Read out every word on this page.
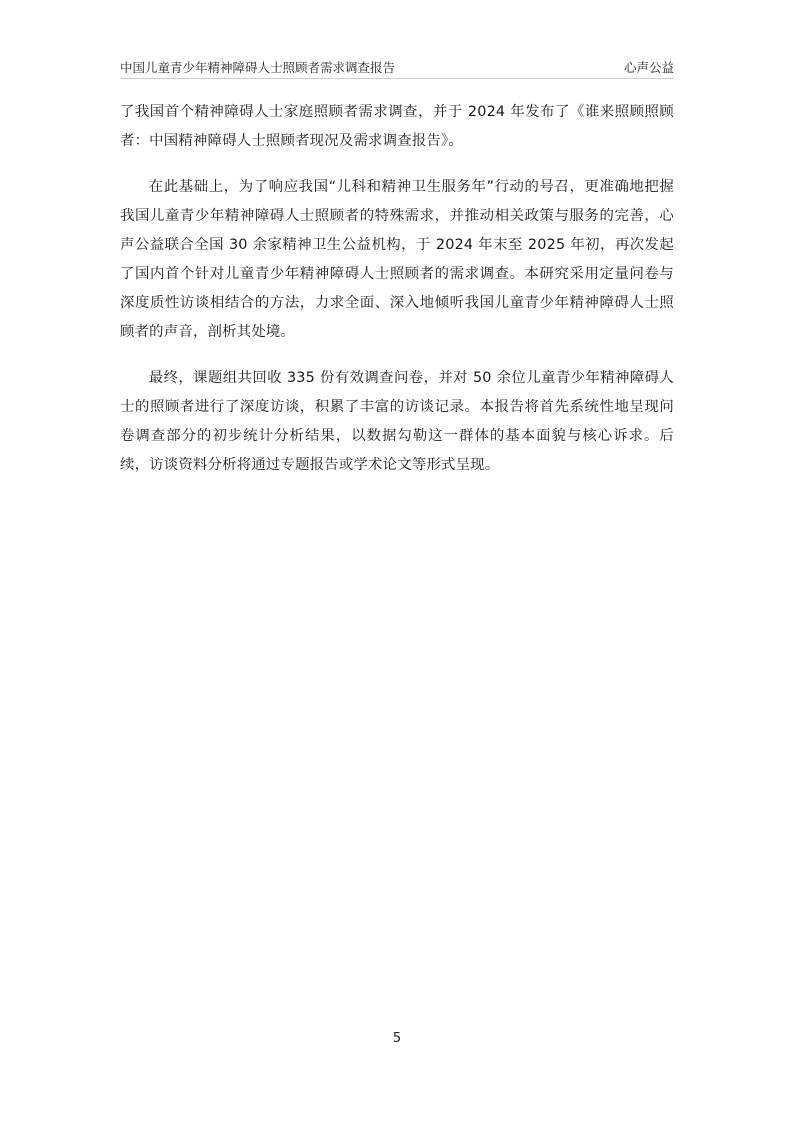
中国儿童青少年精神障碍人士照顾者需求调查报告	心声公益

了我国首个精神障碍人士家庭照顾者需求调查，并于 2024 年发布了《谁来照顾照顾者：中国精神障碍人士照顾者现况及需求调查报告》。

在此基础上，为了响应我国“儿科和精神卫生服务年”行动的号召，更准确地把握我国儿童青少年精神障碍人士照顾者的特殊需求，并推动相关政策与服务的完善，心声公益联合全国 30 余家精神卫生公益机构，于 2024 年末至 2025 年初，再次发起了国内首个针对儿童青少年精神障碍人士照顾者的需求调查。本研究采用定量问卷与深度质性访谈相结合的方法，力求全面、深入地倾听我国儿童青少年精神障碍人士照顾者的声音，剖析其处境。

最终，课题组共回收 335 份有效调查问卷，并对 50 余位儿童青少年精神障碍人士的照顾者进行了深度访谈，积累了丰富的访谈记录。本报告将首先系统性地呈现问卷调查部分的初步统计分析结果，以数据勾勒这一群体的基本面貌与核心诉求。后续，访谈资料分析将通过专题报告或学术论文等形式呈现。

5
